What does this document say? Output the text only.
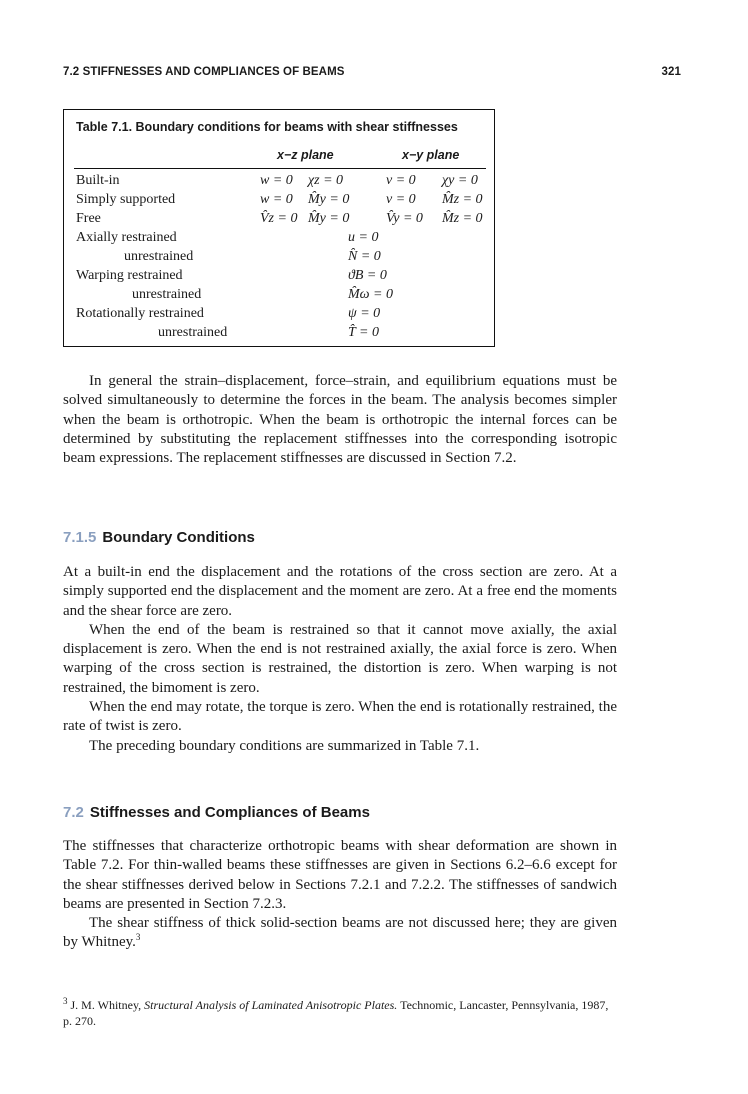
7.2 STIFFNESSES AND COMPLIANCES OF BEAMS	321
Table 7.1. Boundary conditions for beams with shear stiffnesses
x−z plane	x−y plane
Built-in	w = 0 χz = 0	v = 0 χy = 0
Simply supported	w = 0 M̂y = 0	v = 0 M̂z = 0
Free	V̂z = 0 M̂y = 0	V̂y = 0 M̂z = 0
Axially restrained	u = 0
unrestrained	N̂ = 0
Warping restrained	ϑB = 0
unrestrained	M̂ω = 0
Rotationally restrained	ψ = 0
unrestrained	T̂ = 0

In general the strain–displacement, force–strain, and equilibrium equations must be solved simultaneously to determine the forces in the beam. The analysis becomes simpler when the beam is orthotropic. When the beam is orthotropic the internal forces can be determined by substituting the replacement stiffnesses into the corresponding isotropic beam expressions. The replacement stiffnesses are discussed in Section 7.2.

7.1.5 Boundary Conditions

At a built-in end the displacement and the rotations of the cross section are zero. At a simply supported end the displacement and the moment are zero. At a free end the moments and the shear force are zero.

When the end of the beam is restrained so that it cannot move axially, the axial displacement is zero. When the end is not restrained axially, the axial force is zero. When warping of the cross section is restrained, the distortion is zero. When warping is not restrained, the bimoment is zero.

When the end may rotate, the torque is zero. When the end is rotationally restrained, the rate of twist is zero.

The preceding boundary conditions are summarized in Table 7.1.

7.2 Stiffnesses and Compliances of Beams

The stiffnesses that characterize orthotropic beams with shear deformation are shown in Table 7.2. For thin-walled beams these stiffnesses are given in Sections 6.2–6.6 except for the shear stiffnesses derived below in Sections 7.2.1 and 7.2.2. The stiffnesses of sandwich beams are presented in Section 7.2.3.

The shear stiffness of thick solid-section beams are not discussed here; they are given by Whitney.$^3$

$^3$ J. M. Whitney, Structural Analysis of Laminated Anisotropic Plates. Technomic, Lancaster, Pennsylvania, 1987, p. 270.
